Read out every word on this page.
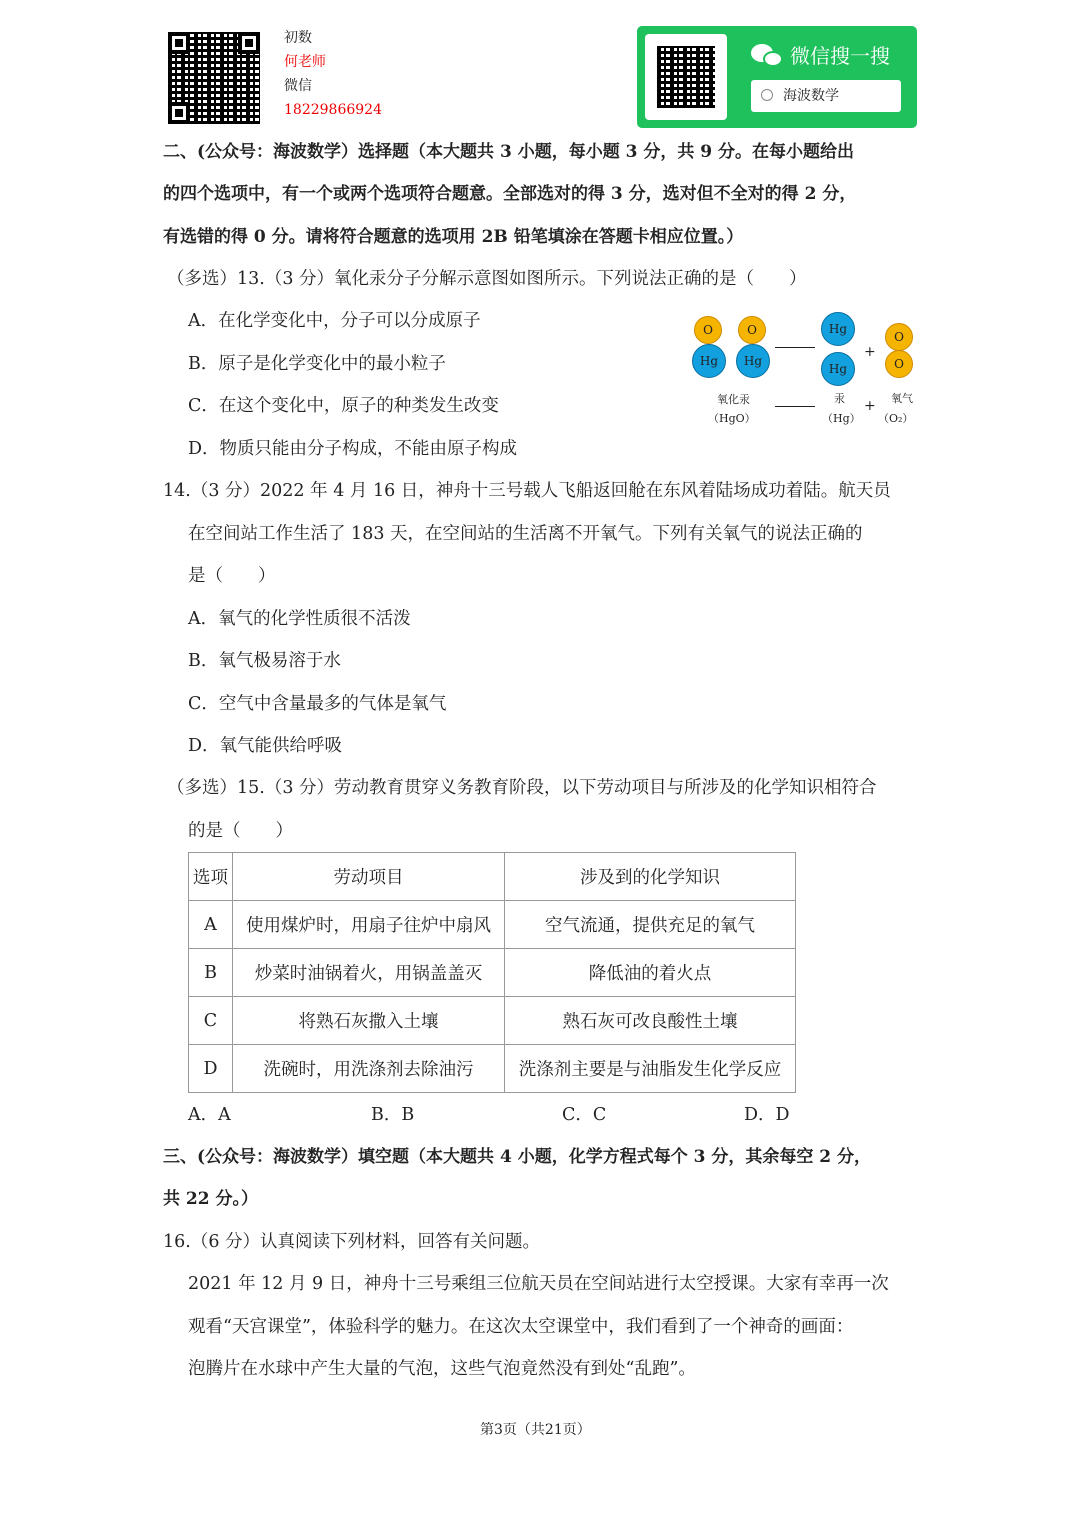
初数
何老师
微信
18229866924
微信搜一搜
海波数学
二、(公众号：海波数学）选择题（本大题共 3 小题，每小题 3 分，共 9 分。在每小题给出
的四个选项中，有一个或两个选项符合题意。全部选对的得 3 分，选对但不全对的得 2 分，
有选错的得 0 分。请将符合题意的选项用 2B 铅笔填涂在答题卡相应位置。）
（多选）13.（3 分）氧化汞分子分解示意图如图所示。下列说法正确的是（　　）
A．在化学变化中，分子可以分成原子
B．原子是化学变化中的最小粒子
C．在这个变化中，原子的种类发生改变
D．物质只能由分子构成，不能由原子构成
O	O
Hg	Hg
Hg
Hg
+
O
O
氧化汞
（HgO）
汞
（Hg）
+ 氧气
（O₂）
14.（3 分）2022 年 4 月 16 日，神舟十三号载人飞船返回舱在东风着陆场成功着陆。航天员
在空间站工作生活了 183 天，在空间站的生活离不开氧气。下列有关氧气的说法正确的
是（　　）
A．氧气的化学性质很不活泼
B．氧气极易溶于水
C．空气中含量最多的气体是氧气
D．氧气能供给呼吸
（多选）15.（3 分）劳动教育贯穿义务教育阶段，以下劳动项目与所涉及的化学知识相符合
的是（　　）
选项	劳动项目	涉及到的化学知识
A	使用煤炉时，用扇子往炉中扇风	空气流通，提供充足的氧气
B	炒菜时油锅着火，用锅盖盖灭	降低油的着火点
C	将熟石灰撒入土壤	熟石灰可改良酸性土壤
D	洗碗时，用洗涤剂去除油污	洗涤剂主要是与油脂发生化学反应
A．A	B．B	C．C	D．D
三、(公众号：海波数学）填空题（本大题共 4 小题，化学方程式每个 3 分，其余每空 2 分，
共 22 分。）
16.（6 分）认真阅读下列材料，回答有关问题。
2021 年 12 月 9 日，神舟十三号乘组三位航天员在空间站进行太空授课。大家有幸再一次
观看“天宫课堂”，体验科学的魅力。在这次太空课堂中，我们看到了一个神奇的画面：
泡腾片在水球中产生大量的气泡，这些气泡竟然没有到处“乱跑”。
第3页（共21页）
